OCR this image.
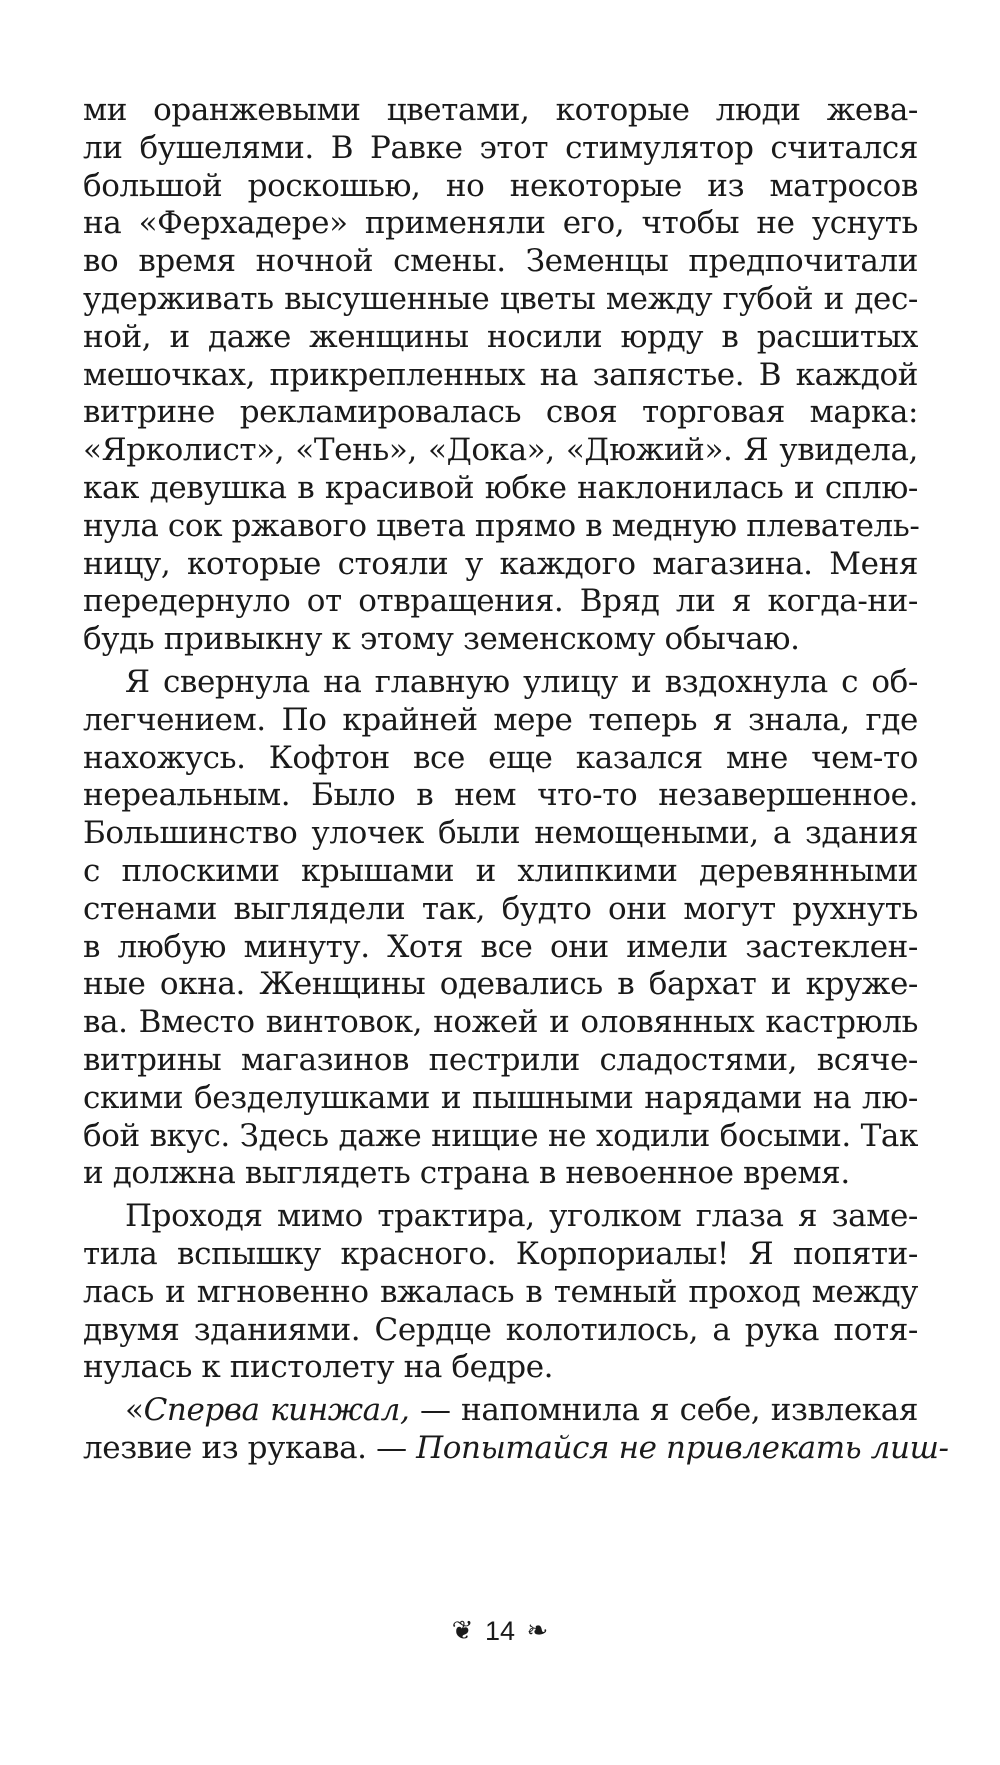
ми оранжевыми цветами, которые люди жева-
ли бушелями. В Равке этот стимулятор считался
большой роскошью, но некоторые из матросов
на «Ферхадере» применяли его, чтобы не уснуть
во время ночной смены. Земенцы предпочитали
удерживать высушенные цветы между губой и дес-
ной, и даже женщины носили юрду в расшитых
мешочках, прикрепленных на запястье. В каждой
витрине рекламировалась своя торговая марка:
«Ярколист», «Тень», «Дока», «Дюжий». Я увидела,
как девушка в красивой юбке наклонилась и сплю-
нула сок ржавого цвета прямо в медную плеватель-
ницу, которые стояли у каждого магазина. Меня
передернуло от отвращения. Вряд ли я когда-ни-
будь привыкну к этому земенскому обычаю.
Я свернула на главную улицу и вздохнула с об-
легчением. По крайней мере теперь я знала, где
нахожусь. Кофтон все еще казался мне чем-то
нереальным. Было в нем что-то незавершенное.
Большинство улочек были немощеными, а здания
с плоскими крышами и хлипкими деревянными
стенами выглядели так, будто они могут рухнуть
в любую минуту. Хотя все они имели застеклен-
ные окна. Женщины одевались в бархат и круже-
ва. Вместо винтовок, ножей и оловянных кастрюль
витрины магазинов пестрили сладостями, всяче-
скими безделушками и пышными нарядами на лю-
бой вкус. Здесь даже нищие не ходили босыми. Так
и должна выглядеть страна в невоенное время.
Проходя мимо трактира, уголком глаза я заме-
тила вспышку красного. Корпориалы! Я попяти-
лась и мгновенно вжалась в темный проход между
двумя зданиями. Сердце колотилось, а рука потя-
нулась к пистолету на бедре.
«Сперва кинжал, — напомнила я себе, извлекая
лезвие из рукава. — Попытайся не привлекать лиш-
❦ 14 ❧
